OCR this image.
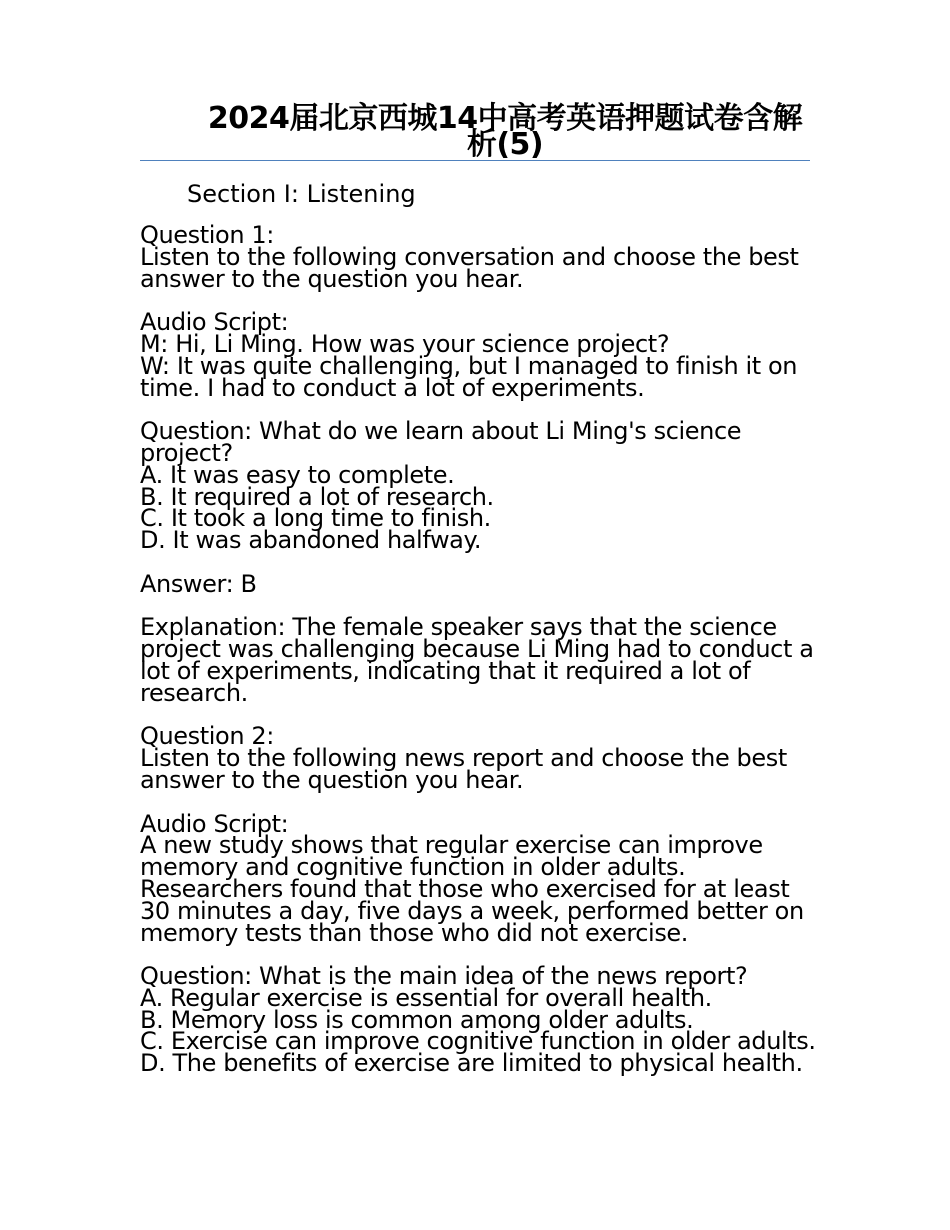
2024届北京西城14中高考英语押题试卷含解析(5)
Section I: Listening
Question 1:
Listen to the following conversation and choose the best answer to the question you hear.
Audio Script:
M: Hi, Li Ming. How was your science project?
W: It was quite challenging, but I managed to finish it on time. I had to conduct a lot of experiments.
Question: What do we learn about Li Ming's science project?
A. It was easy to complete.
B. It required a lot of research.
C. It took a long time to finish.
D. It was abandoned halfway.
Answer: B
Explanation: The female speaker says that the science project was challenging because Li Ming had to conduct a lot of experiments, indicating that it required a lot of research.
Question 2:
Listen to the following news report and choose the best answer to the question you hear.
Audio Script:
A new study shows that regular exercise can improve memory and cognitive function in older adults. Researchers found that those who exercised for at least 30 minutes a day, five days a week, performed better on memory tests than those who did not exercise.
Question: What is the main idea of the news report?
A. Regular exercise is essential for overall health.
B. Memory loss is common among older adults.
C. Exercise can improve cognitive function in older adults.
D. The benefits of exercise are limited to physical health.
